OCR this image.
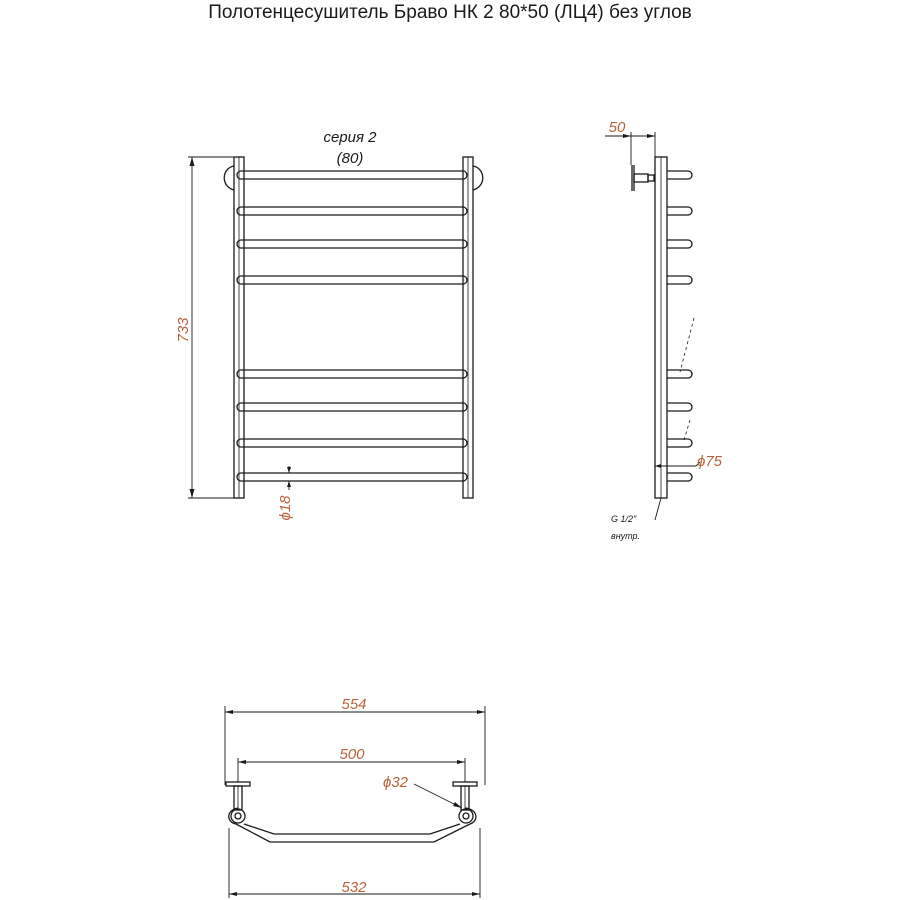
Полотенцесушитель Браво НК 2 80*50 (ЛЦ4) без углов
733
серия 2
(80)
ϕ18
50
ϕ75
G 1/2"
внутр.
554
500
ϕ32
532
